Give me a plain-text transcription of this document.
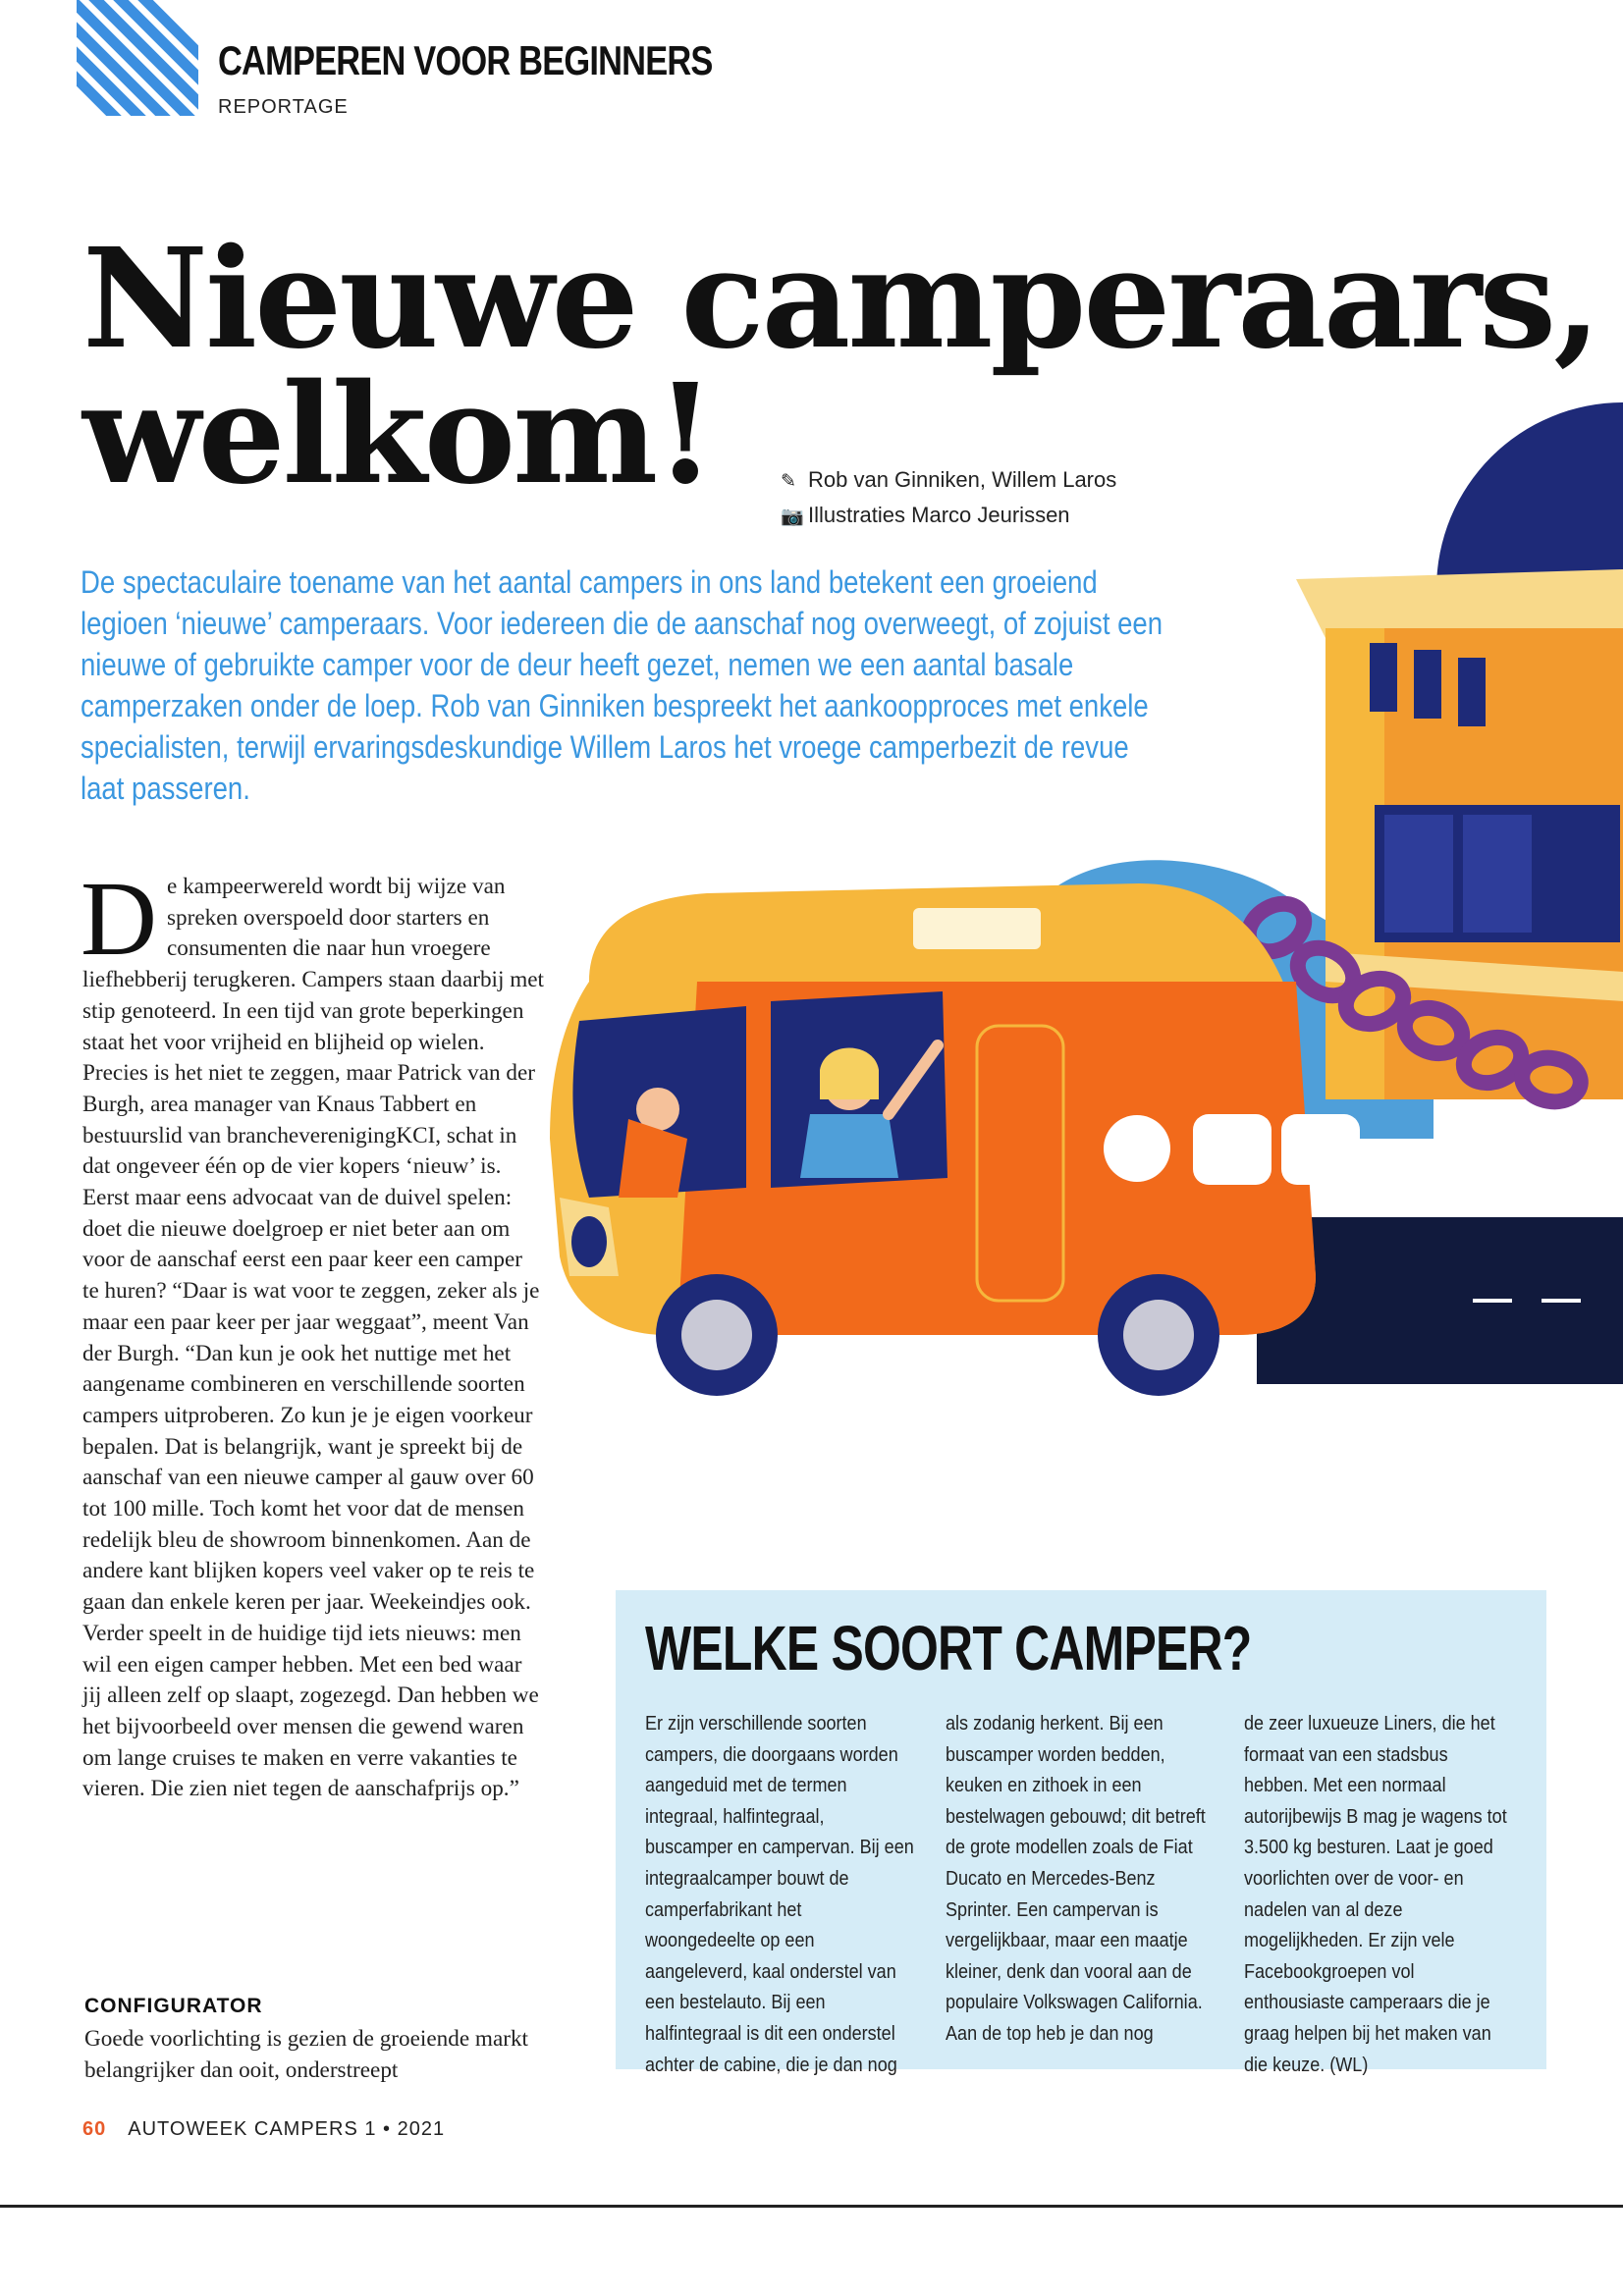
CAMPEREN VOOR BEGINNERS
REPORTAGE
Nieuwe camperaars,
welkom!	✎ Rob van Ginniken, Willem Laros
📷 Illustraties Marco Jeurissen
De spectaculaire toename van het aantal campers in ons land betekent een groeiend legioen ‘nieuwe’ camperaars. Voor iedereen die de aanschaf nog overweegt, of zojuist een nieuwe of gebruikte camper voor de deur heeft gezet, nemen we een aantal basale camperzaken onder de loep. Rob van Ginniken bespreekt het aankoopproces met enkele specialisten, terwijl ervaringsdeskundige Willem Laros het vroege camperbezit de revue laat passeren.
De kampeerwereld wordt bij wijze van spreken overspoeld door starters en consumenten die naar hun vroegere liefhebberij terugkeren. Campers staan daarbij met stip genoteerd. In een tijd van grote beperkingen staat het voor vrijheid en blijheid op wielen. Precies is het niet te zeggen, maar Patrick van der Burgh, area manager van Knaus Tabbert en bestuurslid van brancheverenigingKCI, schat in dat ongeveer één op de vier kopers ‘nieuw’ is. Eerst maar eens advocaat van de duivel spelen: doet die nieuwe doelgroep er niet beter aan om voor de aanschaf eerst een paar keer een camper te huren? “Daar is wat voor te zeggen, zeker als je maar een paar keer per jaar weggaat”, meent Van der Burgh. “Dan kun je ook het nuttige met het aangename combineren en verschillende soorten campers uitproberen. Zo kun je je eigen voorkeur bepalen. Dat is belangrijk, want je spreekt bij de aanschaf van een nieuwe camper al gauw over 60 tot 100 mille. Toch komt het voor dat de mensen redelijk bleu de showroom binnenkomen. Aan de andere kant blijken kopers veel vaker op te reis te gaan dan enkele keren per jaar. Weekeindjes ook. Verder speelt in de huidige tijd iets nieuws: men wil een eigen camper hebben. Met een bed waar jij alleen zelf op slaapt, zogezegd. Dan hebben we het bijvoorbeeld over mensen die gewend waren om lange cruises te maken en verre vakanties te vieren. Die zien niet tegen de aanschafprijs op.”
CONFIGURATOR
Goede voorlichting is gezien de groeiende markt belangrijker dan ooit, onderstreept
WELKE SOORT CAMPER?
Er zijn verschillende soorten campers, die doorgaans worden aangeduid met de termen integraal, halfintegraal, buscamper en campervan. Bij een integraalcamper bouwt de camperfabrikant het woongedeelte op een aangeleverd, kaal onderstel van een bestelauto. Bij een halfintegraal is dit een onderstel achter de cabine, die je dan nog
als zodanig herkent. Bij een buscamper worden bedden, keuken en zithoek in een bestelwagen gebouwd; dit betreft de grote modellen zoals de Fiat Ducato en Mercedes-Benz Sprinter. Een campervan is vergelijkbaar, maar een maatje kleiner, denk dan vooral aan de populaire Volkswagen California. Aan de top heb je dan nog
de zeer luxueuze Liners, die het formaat van een stadsbus hebben. Met een normaal autorijbewijs B mag je wagens tot 3.500 kg besturen. Laat je goed voorlichten over de voor- en nadelen van al deze mogelijkheden. Er zijn vele Facebookgroepen vol enthousiaste camperaars die je graag helpen bij het maken van die keuze. (WL)
60 AUTOWEEK CAMPERS 1 • 2021
